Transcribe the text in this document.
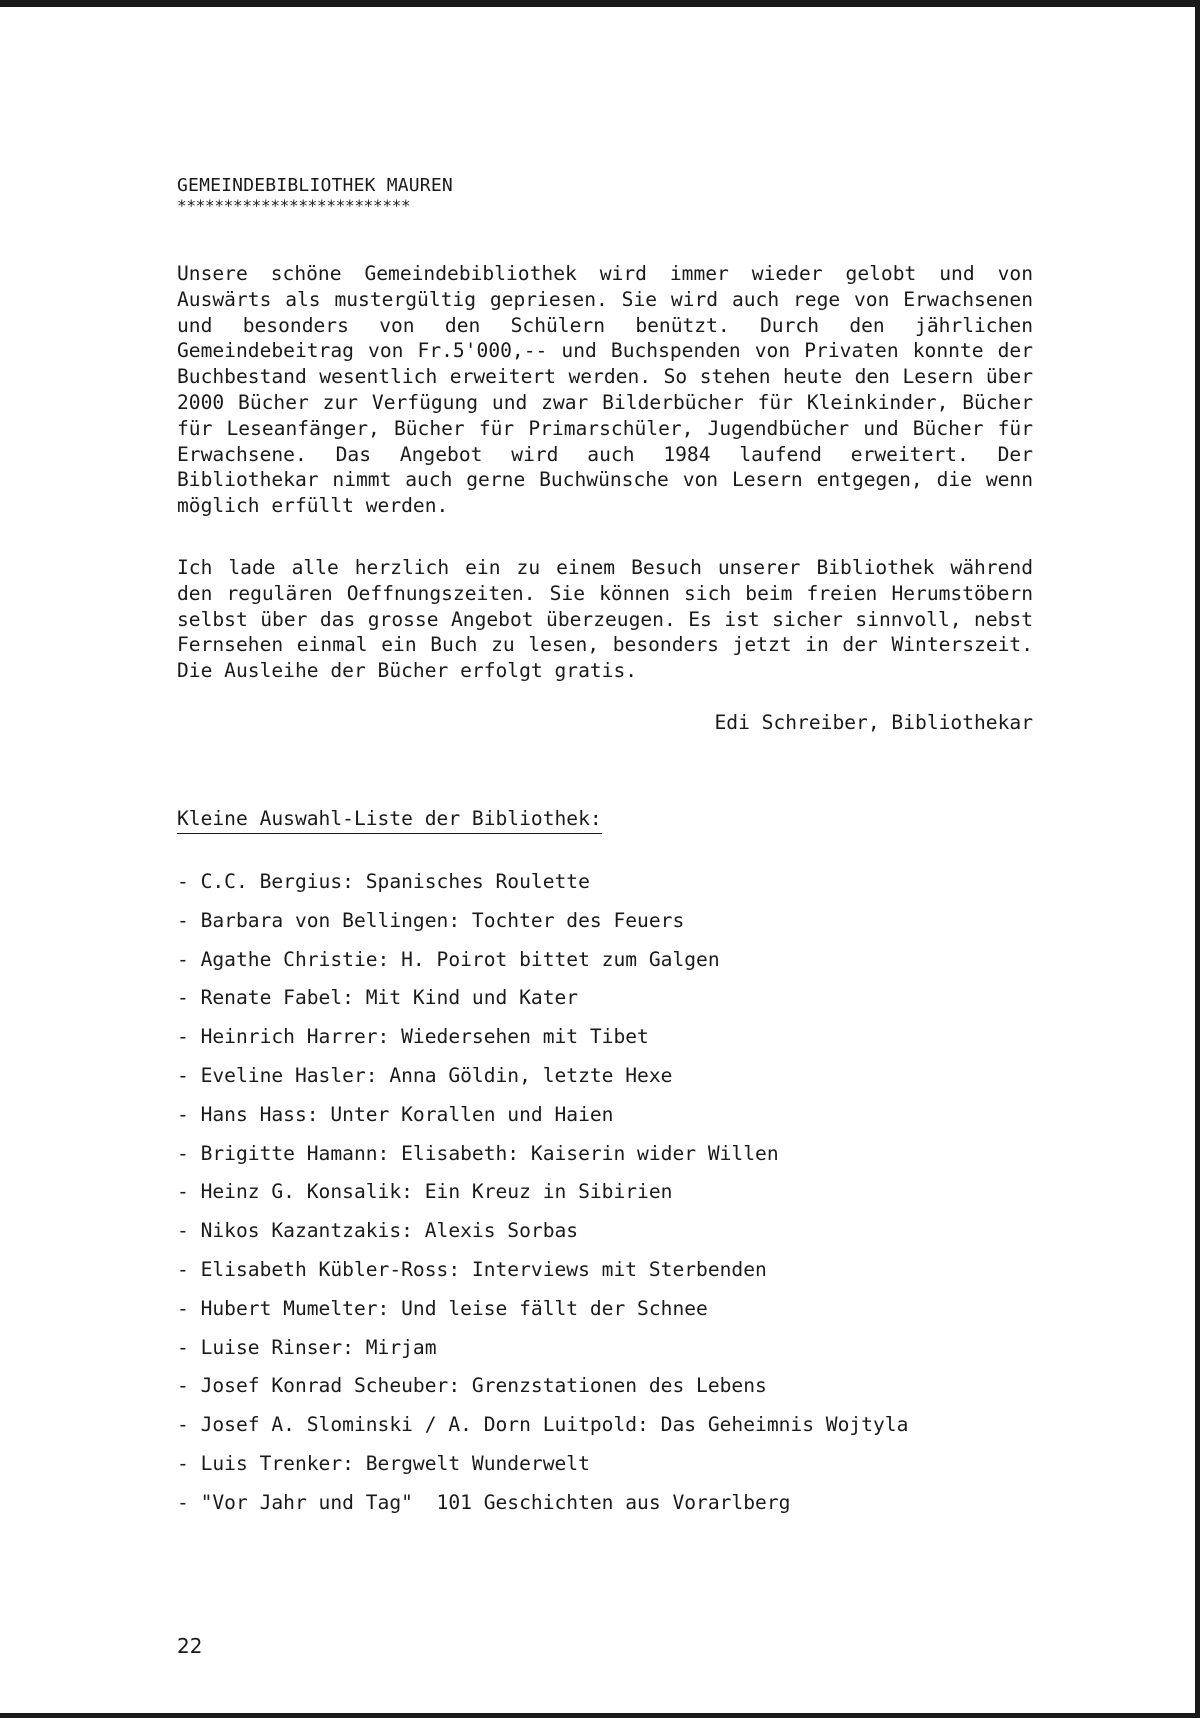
GEMEINDEBIBLIOTHEK MAUREN
*************************

Unsere schöne Gemeindebibliothek wird immer wieder gelobt und von Auswärts als mustergültig gepriesen. Sie wird auch rege von Erwachsenen und besonders von den Schülern benützt. Durch den jährlichen Gemeindebeitrag von Fr.5'000,-- und Buchspenden von Privaten konnte der Buchbestand wesentlich erweitert werden. So stehen heute den Lesern über 2000 Bücher zur Verfügung und zwar Bilderbücher für Kleinkinder, Bücher für Leseanfänger, Bücher für Primarschüler, Jugendbücher und Bücher für Erwachsene. Das Angebot wird auch 1984 laufend erweitert. Der Bibliothekar nimmt auch gerne Buchwünsche von Lesern entgegen, die wenn möglich erfüllt werden.

Ich lade alle herzlich ein zu einem Besuch unserer Bibliothek während den regulären Oeffnungszeiten. Sie können sich beim freien Herumstöbern selbst über das grosse Angebot überzeugen. Es ist sicher sinnvoll, nebst Fernsehen einmal ein Buch zu lesen, besonders jetzt in der Winterszeit. Die Ausleihe der Bücher erfolgt gratis.

Edi Schreiber, Bibliothekar
Kleine Auswahl-Liste der Bibliothek:
- C.C. Bergius: Spanisches Roulette
- Barbara von Bellingen: Tochter des Feuers
- Agathe Christie: H. Poirot bittet zum Galgen
- Renate Fabel: Mit Kind und Kater
- Heinrich Harrer: Wiedersehen mit Tibet
- Eveline Hasler: Anna Göldin, letzte Hexe
- Hans Hass: Unter Korallen und Haien
- Brigitte Hamann: Elisabeth: Kaiserin wider Willen
- Heinz G. Konsalik: Ein Kreuz in Sibirien
- Nikos Kazantzakis: Alexis Sorbas
- Elisabeth Kübler-Ross: Interviews mit Sterbenden
- Hubert Mumelter: Und leise fällt der Schnee
- Luise Rinser: Mirjam
- Josef Konrad Scheuber: Grenzstationen des Lebens
- Josef A. Slominski / A. Dorn Luitpold: Das Geheimnis Wojtyla
- Luis Trenker: Bergwelt Wunderwelt
- "Vor Jahr und Tag"  101 Geschichten aus Vorarlberg
22
